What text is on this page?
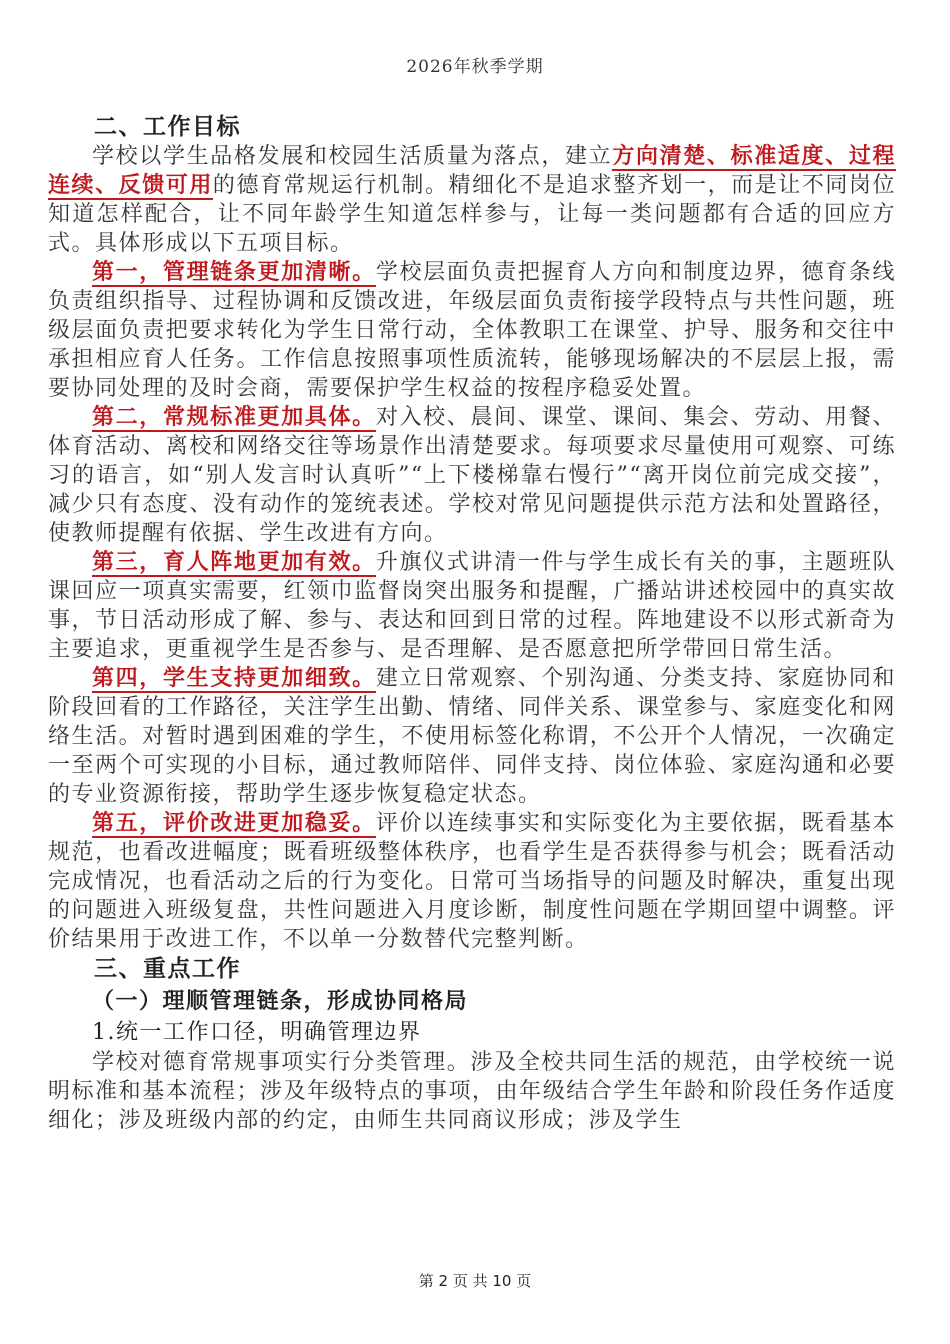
2026年秋季学期
二、工作目标

学校以学生品格发展和校园生活质量为落点，建立方向清楚、标准适度、过程连续、反馈可用的德育常规运行机制。精细化不是追求整齐划一，而是让不同岗位知道怎样配合，让不同年龄学生知道怎样参与，让每一类问题都有合适的回应方式。具体形成以下五项目标。

第一，管理链条更加清晰。学校层面负责把握育人方向和制度边界，德育条线负责组织指导、过程协调和反馈改进，年级层面负责衔接学段特点与共性问题，班级层面负责把要求转化为学生日常行动，全体教职工在课堂、护导、服务和交往中承担相应育人任务。工作信息按照事项性质流转，能够现场解决的不层层上报，需要协同处理的及时会商，需要保护学生权益的按程序稳妥处置。

第二，常规标准更加具体。对入校、晨间、课堂、课间、集会、劳动、用餐、体育活动、离校和网络交往等场景作出清楚要求。每项要求尽量使用可观察、可练习的语言，如“别人发言时认真听”“上下楼梯靠右慢行”“离开岗位前完成交接”，减少只有态度、没有动作的笼统表述。学校对常见问题提供示范方法和处置路径，使教师提醒有依据、学生改进有方向。

第三，育人阵地更加有效。升旗仪式讲清一件与学生成长有关的事，主题班队课回应一项真实需要，红领巾监督岗突出服务和提醒，广播站讲述校园中的真实故事，节日活动形成了解、参与、表达和回到日常的过程。阵地建设不以形式新奇为主要追求，更重视学生是否参与、是否理解、是否愿意把所学带回日常生活。

第四，学生支持更加细致。建立日常观察、个别沟通、分类支持、家庭协同和阶段回看的工作路径，关注学生出勤、情绪、同伴关系、课堂参与、家庭变化和网络生活。对暂时遇到困难的学生，不使用标签化称谓，不公开个人情况，一次确定一至两个可实现的小目标，通过教师陪伴、同伴支持、岗位体验、家庭沟通和必要的专业资源衔接，帮助学生逐步恢复稳定状态。

第五，评价改进更加稳妥。评价以连续事实和实际变化为主要依据，既看基本规范，也看改进幅度；既看班级整体秩序，也看学生是否获得参与机会；既看活动完成情况，也看活动之后的行为变化。日常可当场指导的问题及时解决，重复出现的问题进入班级复盘，共性问题进入月度诊断，制度性问题在学期回望中调整。评价结果用于改进工作，不以单一分数替代完整判断。

三、重点工作
（一）理顺管理链条，形成协同格局
1.统一工作口径，明确管理边界

学校对德育常规事项实行分类管理。涉及全校共同生活的规范，由学校统一说明标准和基本流程；涉及年级特点的事项，由年级结合学生年龄和阶段任务作适度细化；涉及班级内部的约定，由师生共同商议形成；涉及学生

第 2 页 共 10 页
